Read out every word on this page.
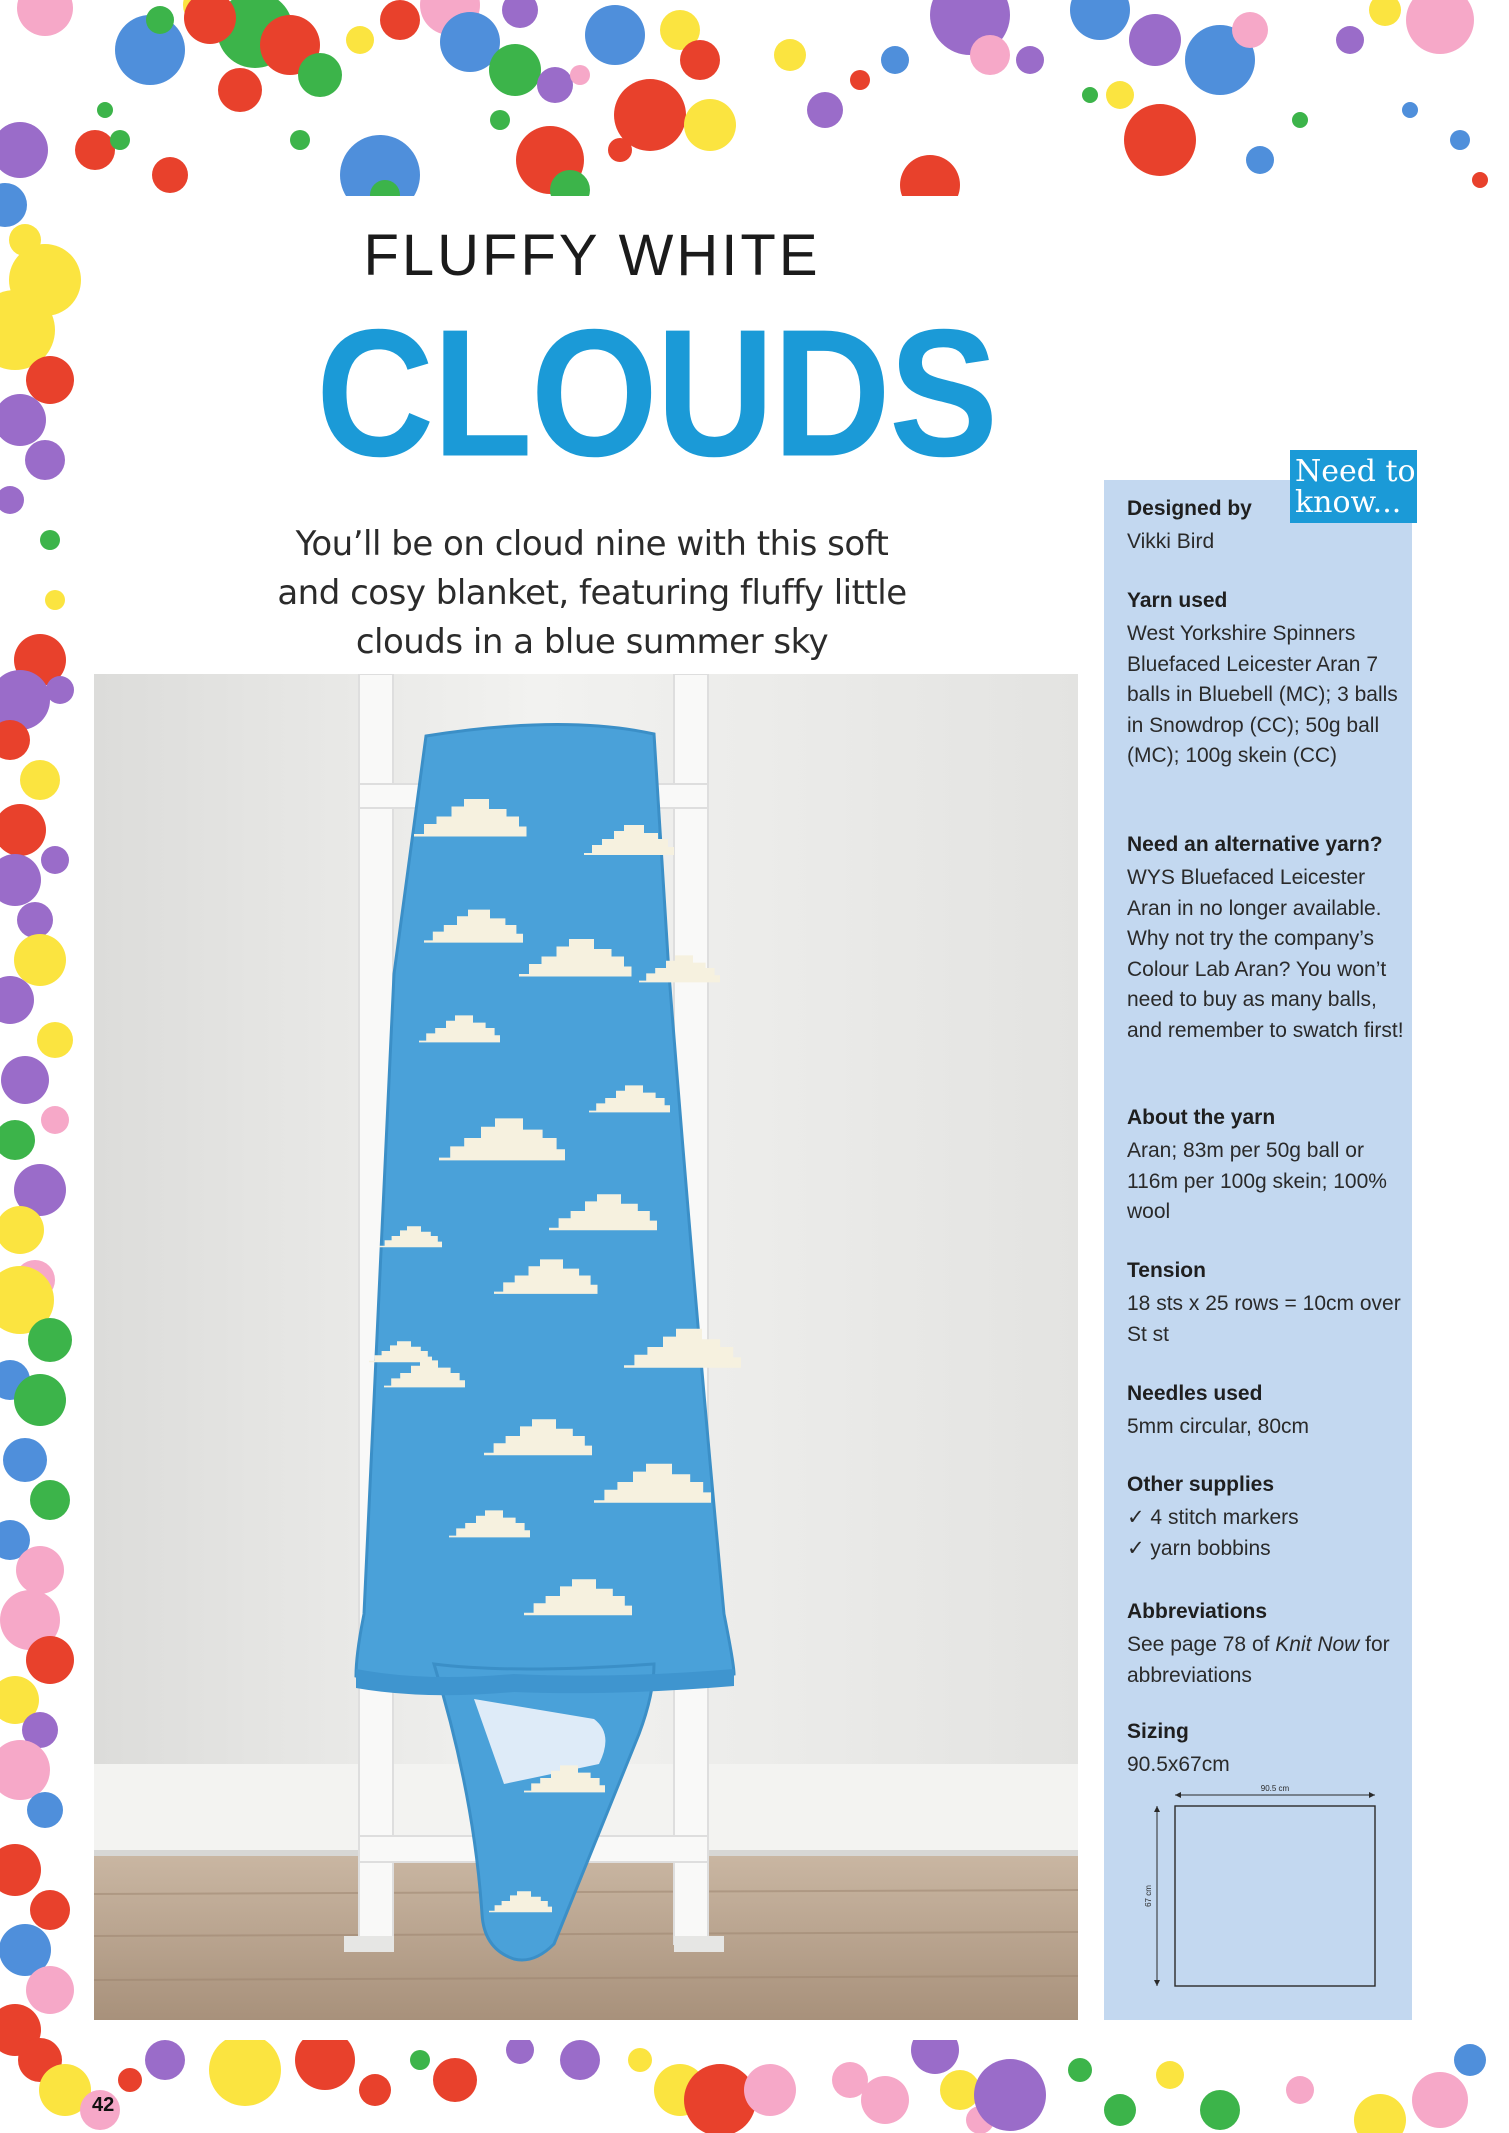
FLUFFY WHITE
CLOUDS

You’ll be on cloud nine with this soft and cosy blanket, featuring fluffy little clouds in a blue summer sky

Need to
know...

Designed by

Vikki Bird

Yarn used

West Yorkshire Spinners Bluefaced Leicester Aran 7 balls in Bluebell (MC); 3 balls in Snowdrop (CC); 50g ball (MC); 100g skein (CC)

Need an alternative yarn?

WYS Bluefaced Leicester Aran in no longer available. Why not try the company’s Colour Lab Aran? You won’t need to buy as many balls, and remember to swatch first!

About the yarn

Aran; 83m per 50g ball or 116m per 100g skein; 100% wool

Tension

18 sts x 25 rows = 10cm over St st

Needles used

5mm circular, 80cm

Other supplies

✓ 4 stitch markers

✓ yarn bobbins

Abbreviations

See page 78 of Knit Now for abbreviations

Sizing

90.5x67cm

90.5 cm
67 cm
42
